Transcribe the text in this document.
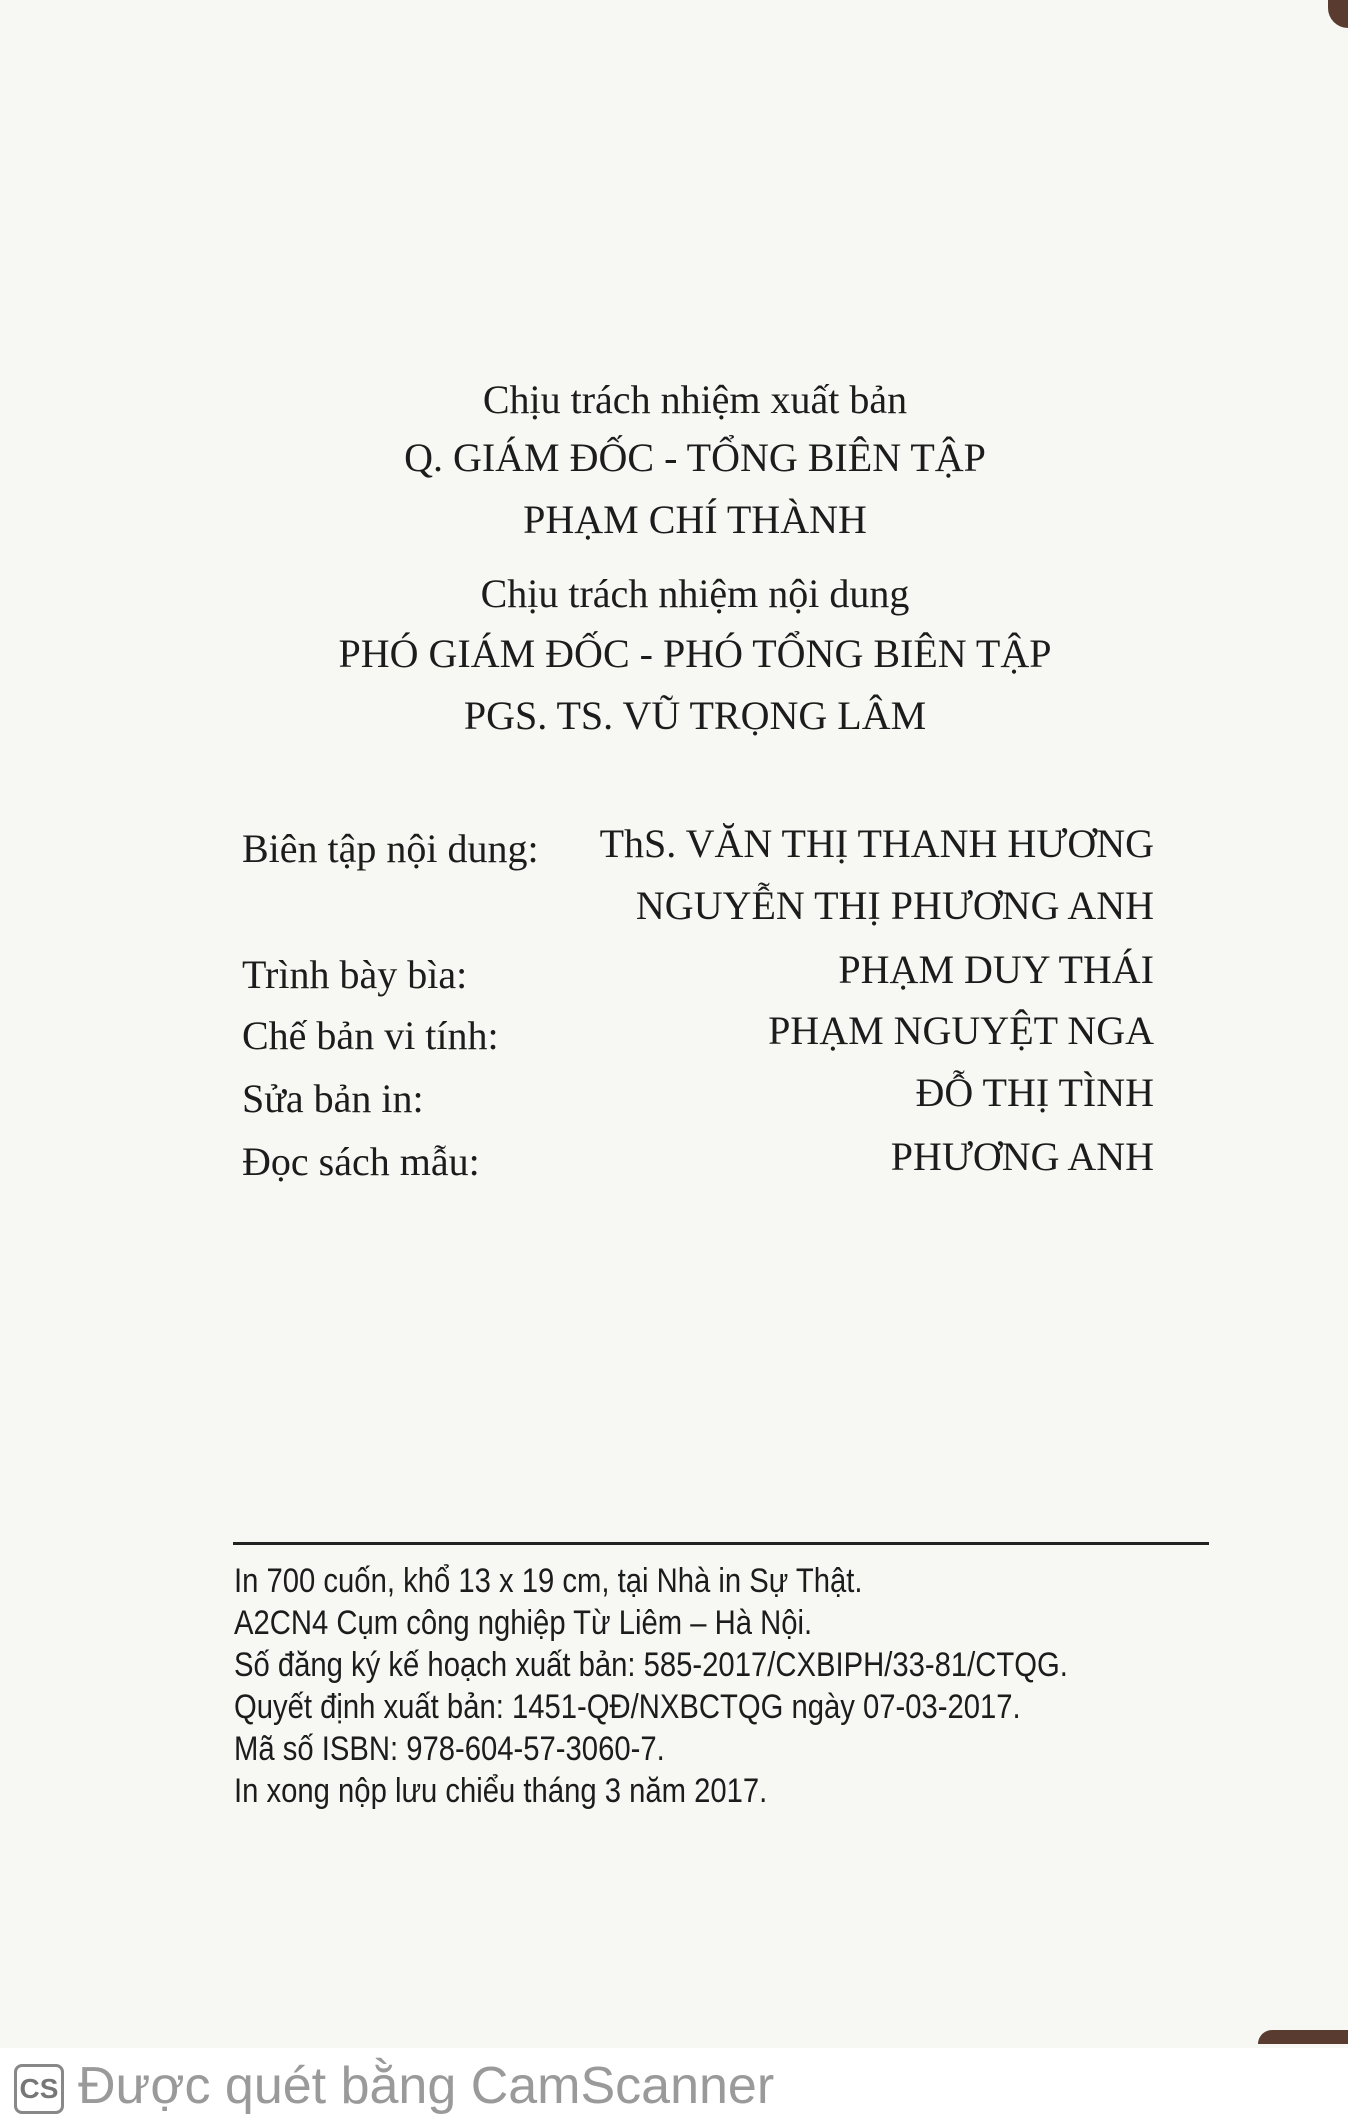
Chịu trách nhiệm xuất bản
Q. GIÁM ĐỐC - TỔNG BIÊN TẬP
PHẠM CHÍ THÀNH
Chịu trách nhiệm nội dung
PHÓ GIÁM ĐỐC - PHÓ TỔNG BIÊN TẬP
PGS. TS. VŨ TRỌNG LÂM
Biên tập nội dung: ThS. VĂN THỊ THANH HƯƠNG
NGUYỄN THỊ PHƯƠNG ANH
Trình bày bìa:	PHẠM DUY THÁI
Chế bản vi tính:	PHẠM NGUYỆT NGA
Sửa bản in:	ĐỖ THỊ TÌNH
Đọc sách mẫu:	PHƯƠNG ANH
In 700 cuốn, khổ 13 x 19 cm, tại Nhà in Sự Thật.
A2CN4 Cụm công nghiệp Từ Liêm – Hà Nội.
Số đăng ký kế hoạch xuất bản: 585-2017/CXBIPH/33-81/CTQG.
Quyết định xuất bản: 1451-QĐ/NXBCTQG ngày 07-03-2017.
Mã số ISBN: 978-604-57-3060-7.
In xong nộp lưu chiểu tháng 3 năm 2017.
CS Được quét bằng CamScanner
